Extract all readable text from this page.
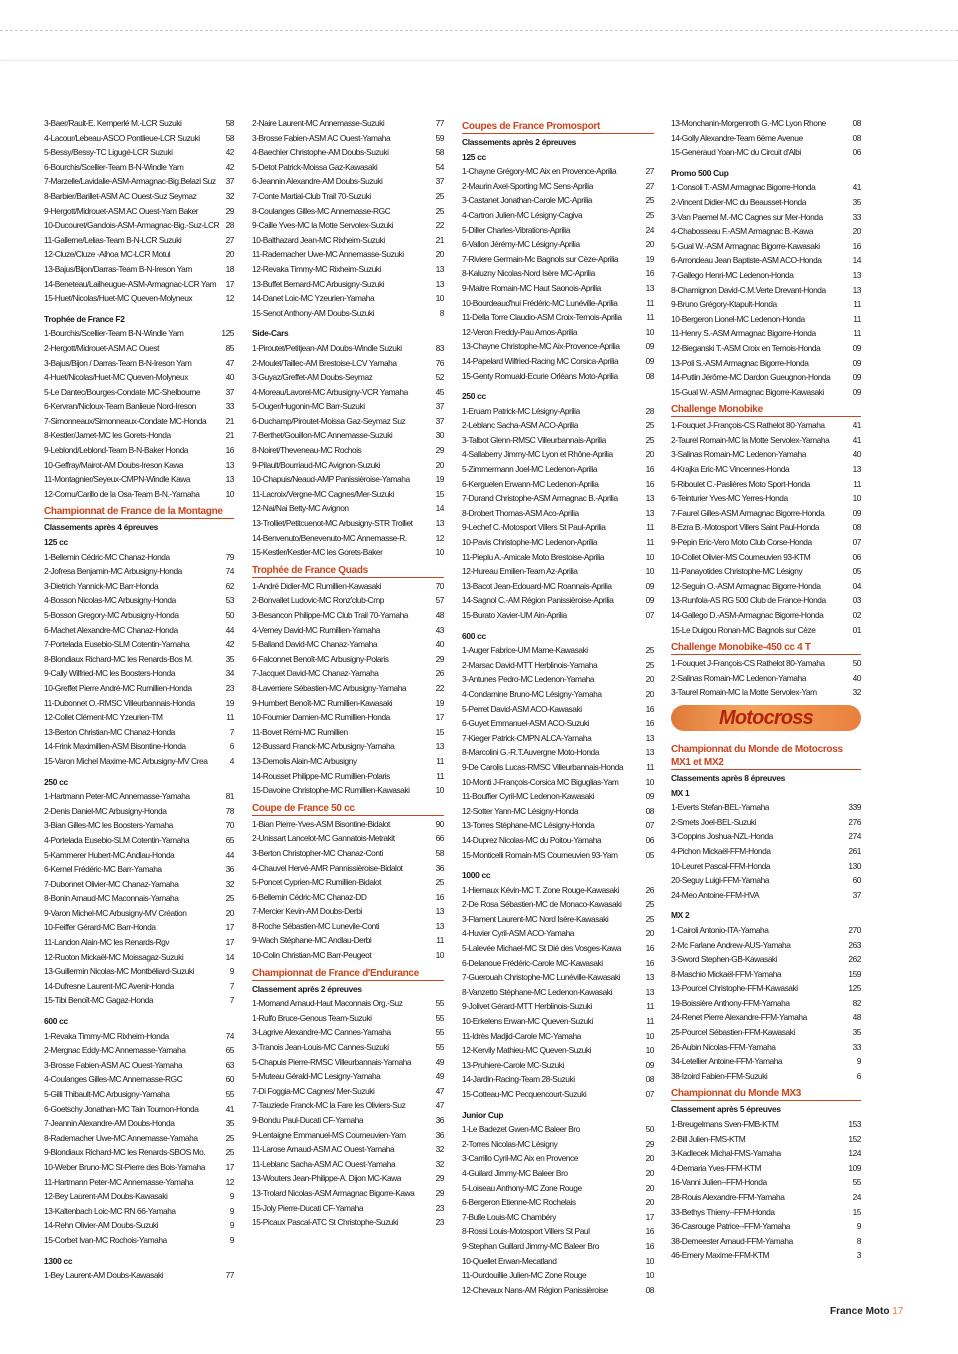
3-Baer/Rault-E. Kemperlé M.-LCR Suzuki	58
4-Lacour/Lebeau-ASCO Pontlieue-LCR Suzuki	58
5-Bessy/Bessy-TC Ligugé-LCR Suzuki	42
6-Bourchis/Scellier-Team B-N-Windle Yam	42
7-Marzelle/Lavidalie-ASM-Armagnac-Big.Belazi Suz	37
8-Barbier/Barillet-ASM AC Ouest-Suz Seymaz	32
9-Hergott/Midrouet-ASM AC Ouest-Yam Baker	29
10-Ducouret/Gandois-ASM-Armagnac-Big.-Suz-LCR 28
11-Gallerne/Lelias-Team B-N-LCR Suzuki	27
12-Cluze/Cluze -Alhoa MC-LCR Motul	20
13-Bajus/Bijon/Darras-Team B-N-Ireson Yam	18
14-Beneteau/Lailheugue-ASM-Armagnac-LCR Yam	17
15-Huet/Nicolas/Huet-MC Queven-Molyneux	12
Trophée de France F2
1-Bourchis/Scellier-Team B-N-Windle Yam	125
2-Hergott/Midrouet-ASM AC Ouest	85
3-Bajus/Bijon / Darras-Team B-N-Ireson Yam	47
4-Huet/Nicolas/Huet-MC Queven-Molyneux	40
5-Le Dantec/Bourges-Condate MC-Shelbourne	37
6-Kervran/Nicloux-Team Banlieue Nord-Ireson	33
7-Simonneaux/Simonneaux-Condate MC-Honda	21
8-Kestler/Jamet-MC les Gorets-Honda	21
9-Leblond/Leblond-Team B-N-Baker Honda	16
10-Geffray/Mairot-AM Doubs-Ireson Kawa	13
11-Montagnier/Seyeux-CMPN-Windle Kawa	13
12-Cornu/Carillo de la Osa-Team B-N.-Yamaha	10
Championnat de France de la Montagne
Classements après 4 épreuves
125 cc
1-Bellemin Cédric-MC Chanaz-Honda	79
2-Jofresa Benjamin-MC Arbusigny-Honda	74
3-Dietrich Yannick-MC Barr-Honda	62
4-Bosson Nicolas-MC Arbusigny-Honda	53
5-Bosson Gregory-MC Arbusigny-Honda	50
6-Machet Alexandre-MC Chanaz-Honda	44
7-Portelada Eusebio-SLM Cotentin-Yamaha	42
8-Blondiaux Richard-MC les Renards-Bos M.	35
9-Cally Wilfried-MC les Boosters-Honda	34
10-Greffet Pierre André-MC Rumillien-Honda	23
11-Dubonnet O.-RMSC Villeurbannais-Honda	19
12-Collet Clément-MC Yzeurien-TM	11
13-Berton Christian-MC Chanaz-Honda	7
14-Frink Maximillien-ASM Bisontine-Honda	6
15-Varon Michel Maxime-MC Arbusigny-MV Crea	4
250 cc
1-Hartmann Peter-MC Annemasse-Yamaha	81
2-Denis Daniel-MC Arbusigny-Honda	78
3-Bian Gilles-MC les Boosters-Yamaha	70
4-Portelada Eusebio-SLM Cotentin-Yamaha	65
5-Kammerer Hubert-MC Andlau-Honda	44
6-Kernel Frédéric-MC Barr-Yamaha	36
7-Dubonnet Olivier-MC Chanaz-Yamaha	32
8-Bonin Arnaud-MC Maconnais-Yamaha	25
9-Varon Michel-MC Arbusigny-MV Création	20
10-Feiffer Gérard-MC Barr-Honda	17
11-Landon Alain-MC les Renards-Rgv	17
12-Ruoton Mickaël-MC Moissagaz-Suzuki	14
13-Guillermin Nicolas-MC Montbéliard-Suzuki	9
14-Dufresne Laurent-MC Avenir-Honda	7
15-Tibi Benoît-MC Gagaz-Honda	7
600 cc
1-Revaka Timmy-MC Rixheim-Honda	74
2-Mergnac Eddy-MC Annemasse-Yamaha	65
3-Brosse Fabien-ASM AC Ouest-Yamaha	63
4-Coulanges Gilles-MC Annemasse-RGC	60
5-Gilli Thibault-MC Arbusigny-Yamaha	55
6-Goetschy Jonathan-MC Tain Tournon-Honda	41
7-Jeannin Alexandre-AM Doubs-Honda	35
8-Rademacher Uwe-MC Annemasse-Yamaha	25
9-Blondiaux Richard-MC les Renards-SBOS Mo.	25
10-Weber Bruno-MC St-Pierre des Bois-Yamaha	17
11-Hartmann Peter-MC Annemasse-Yamaha	12
12-Bey Laurent-AM Doubs-Kawasaki	9
13-Kaltenbach Loic-MC RN 66-Yamaha	9
14-Rehn Olivier-AM Doubs-Suzuki	9
15-Corbet Ivan-MC Rochois-Yamaha	9
1300 cc
1-Bey Laurent-AM Doubs-Kawasaki	77
2-Naire Laurent-MC Annemasse-Suzuki	77
3-Brosse Fabien-ASM AC Ouest-Yamaha	59
4-Baechler Christophe-AM Doubs-Suzuki	58
5-Detot Patrick-Moissa Gaz-Kawasaki	54
6-Jeannin Alexandre-AM Doubs-Suzuki	37
7-Conte Martial-Club Trail 70-Suzuki	25
8-Coulanges Gilles-MC Annemasse-RGC	25
9-Caille Yves-MC la Motte Servolex-Suzuki	22
10-Balthazard Jean-MC Rixheim-Suzuki	21
11-Rademacher Uwe-MC Annemasse-Suzuki	20
12-Revaka Timmy-MC Rixheim-Suzuki	13
13-Buffet Bernard-MC Arbusigny-Suzuki	13
14-Danet Loic-MC Yzeurien-Yamaha	10
15-Senot Anthony-AM Doubs-Suzuki	8
Side-Cars
1-Piroutet/Petitjean-AM Doubs-Windle Suzuki	83
2-Moulet/Taillec-AM Brestoise-LCV Yamaha	76
3-Guyaz/Greffet-AM Doubs-Seymaz	52
4-Moreau/Lavorel-MC Arbusigny-VCR Yamaha	45
5-Ouger/Hugonin-MC Barr-Suzuki	37
6-Duchamp/Piroutet-Moissa Gaz-Seymaz Suz	37
7-Berthet/Gouillon-MC Annemasse-Suzuki	30
8-Noiret/Theveneau-MC Rochois	29
9-Pilault/Bourriaud-MC Avignon-Suzuki	20
10-Chapuis/Neaud-AMP Panissièroise-Yamaha	19
11-Lacroix/Vergne-MC Cagnes/Mer-Suzuki	15
12-Nai/Nai Betty-MC Avignon	14
13-Trolliet/Petitcuenot-MC Arbusigny-STR Trolliet	13
14-Benvenuto/Benevenuto-MC Annemasse-R.	12
15-Kestler/Kestler-MC les Gorets-Baker	10
Trophée de France Quads
1-André Didier-MC Rumillien-Kawasaki	70
2-Bonvallet Ludovic-MC Ronz'club-Cmp	57
3-Besancon Philippe-MC Club Trail 70-Yamaha	48
4-Verney David-MC Rumillien-Yamaha	43
5-Balland David-MC Chanaz-Yamaha	40
6-Falconnet Benoît-MC Arbusigny-Polaris	29
7-Jacquet David-MC Chanaz-Yamaha	26
8-Laverriere Sébastien-MC Arbusigny-Yamaha	22
9-Humbert Benoît-MC Rumillien-Kawasaki	19
10-Fournier Damien-MC Rumillien-Honda	17
11-Bovet Rémi-MC Rumillien	15
12-Bussard Franck-MC Arbusigny-Yamaha	13
13-Demolis Alain-MC Arbusigny	11
14-Rousset Philippe-MC Rumillien-Polaris	11
15-Davoine Christophe-MC Rumillien-Kawasaki	10
Coupe de France 50 cc
1-Bian Pierre-Yves-ASM Bisontine-Bidalot	90
2-Unissart Lancelot-MC Gannatois-Metrakit	66
3-Berton Christopher-MC Chanaz-Conti	58
4-Chauvel Hervé-AMR Pannissièroise-Bidalot	36
5-Poncet Cyprien-MC Rumillien-Bidalot	25
6-Bellemin Cédric-MC Chanaz-DD	16
7-Mercier Kevin-AM Doubs-Derbi	13
8-Roche Sébastien-MC Lunevile-Conti	13
9-Wach Stéphane-MC Andlau-Derbi	11
10-Colin Christian-MC Barr-Peugeot	10
Championnat de France d'Endurance
Classement après 2 épreuves
1-Momand Arnaud-Haut Maconnais Org.-Suz	55
1-Rulfo Bruce-Genous Team-Suzuki	55
3-Lagrive Alexandre-MC Cannes-Yamaha	55
3-Tranois Jean-Louis-MC Cannes-Suzuki	55
5-Chapuis Pierre-RMSC Villeurbannais-Yamaha	49
5-Muteau Gérald-MC Lesigny-Yamaha	49
7-Di Foggia-MC Cagnes/ Mer-Suzuki	47
7-Tauziede Franck-MC la Fare les Oliviers-Suz	47
9-Bondu Paul-Ducati CF-Yamaha	36
9-Lentaigne Emmanuel-MS Courneuvien-Yam	36
11-Larose Arnaud-ASM AC Ouest-Yamaha	32
11-Leblanc Sacha-ASM AC Ouest-Yamaha	32
13-Wouters Jean-Philippe-A. Dijon MC-Kawa	29
13-Trolard Nicolas-ASM Armagnac Bigorre-Kawa	29
15-Joly Pierre-Ducati CF-Yamaha	23
15-Picaux Pascal-ATC St Christophe-Suzuki	23
Coupes de France Promosport
Classements après 2 épreuves
125 cc
1-Chayne Grégory-MC Aix en Provence-Aprilia	27
2-Maurin Axel-Sporting MC Sens-Aprilia	27
3-Castanet Jonathan-Carole MC-Aprilia	25
4-Cartron Julien-MC Lésigny-Cagiva	25
5-Diller Charles-Vibrations-Aprilia	24
6-Vallon Jérémy-MC Lésigny-Aprilia	20
7-Riviere Germain-Mc Bagnols sur Cèze-Aprilia	19
8-Kaluzny Nicolas-Nord Isère MC-Aprilia	16
9-Maitre Romain-MC Haut Saonois-Aprilia	13
10-Bourdeaud'hui Frédéric-MC Lunéville-Aprilia	11
11-Della Torre Claudio-ASM Croix-Ternois-Aprilia	11
12-Veron Freddy-Pau Arnos-Aprilia	10
13-Chayne Christophe-MC Aix-Provence-Aprilia	09
14-Papelard Wilfried-Racing MC Corsica-Aprilia	09
15-Genty Romuald-Ecurie Orléans Moto-Aprilia	08
250 cc
1-Eruam Patrick-MC Lésigny-Aprilia	28
2-Leblanc Sacha-ASM ACO-Aprilia	25
3-Talbot Glenn-RMSC Villeurbannais-Aprilia	25
4-Sallaberry Jimmy-MC Lyon et Rhône-Aprilia	20
5-Zimmermann Joel-MC Ledenon-Aprilia	16
6-Kerguelen Erwann-MC Ledenon-Aprilia	16
7-Durand Christophe-ASM Armagnac B.-Aprilia	13
8-Drobert Thomas-ASM Aco-Aprilia	13
9-Lechef C.-Motosport Villers St Paul-Aprilia	11
10-Pavis Christophe-MC Ledenon-Aprilia	11
11-Pieplu A.-Amicale Moto Brestoise-Aprilia	10
12-Hureau Emilien-Team Az-Aprilia	10
13-Bacot Jean-Edouard-MC Roannais-Aprilia	09
14-Sagnol C.-AM Région Panissièroise-Aprilia	09
15-Burato Xavier-UM Ain-Aprilia	07
600 cc
1-Auger Fabrice-UM Marne-Kawasaki	25
2-Marsac David-MTT Herblinois-Yamaha	25
3-Antunes Pedro-MC Ledenon-Yamaha	20
4-Condamine Bruno-MC Lésigny-Yamaha	20
5-Perret David-ASM ACO-Kawasaki	16
6-Guyet Emmanuel-ASM ACO-Suzuki	16
7-Kieger Patrick-CMPN ALCA-Yamaha	13
8-Marcolini G.-R.T.Auvergne Moto-Honda	13
9-De Carolis Lucas-RMSC Villeurbannais-Honda	11
10-Monti J-François-Corsica MC Biguglias-Yam	10
11-Bouffier Cyril-MC Ledenon-Kawasaki	09
12-Sotter Yann-MC Lésigny-Honda	08
13-Torres Stéphane-MC Lésigny-Honda	07
14-Duprez Nicolas-MC du Poitou-Yamaha	06
15-Monticelli Romain-MS Courneuvien 93-Yam	05
1000 cc
1-Hiernaux Kévin-MC T. Zone Rouge-Kawasaki	26
2-De Rosa Sébastien-MC de Monaco-Kawasaki	25
3-Flament Laurent-MC Nord Isère-Kawasaki	25
4-Huvier Cyril-ASM ACO-Yamaha	20
5-Lalevée Michael-MC St Dié des Vosges-Kawa	16
6-Delanoue Frédéric-Carole MC-Kawasaki	16
7-Guerouah Christophe-MC Lunéville-Kawasaki	13
8-Vanzetto Stéphane-MC Ledenon-Kawasaki	13
9-Jolivet Gérard-MTT Herblinois-Suzuki	11
10-Erkelens Erwan-MC Queven-Suzuki	11
11-Idrès Madjid-Carole MC-Yamaha	10
12-Kervily Mathieu-MC Queven-Suzuki	10
13-Pruhiere-Carole MC-Suzuki	09
14-Jardin-Racing-Team 28-Suzuki	08
15-Cotteau-MC Pecquencourt-Suzuki	07
Junior Cup
1-Le Badezet Gwen-MC Baleer Bro	50
2-Torres Nicolas-MC Lésigny	29
3-Carrillo Cyril-MC Aix en Provence	20
4-Guilard Jimmy-MC Baleer Bro	20
5-Loiseau Anthony-MC Zone Rouge	20
6-Bergeron Etienne-MC Rochelais	20
7-Bulle Louis-MC Chambéry	17
8-Rossi Louis-Motosport Villers St Paul	16
9-Stephan Guillard Jimmy-MC Baleer Bro	16
10-Quellet Erwan-Mecatland	10
11-Ourdouillie Julien-MC Zone Rouge	10
12-Chevaux Nans-AM Région Panissièroise	08
13-Monchanin-Morgenroth G.-MC Lyon Rhone	08
14-Golly Alexandre-Team 6ème Avenue	08
15-Generaud Yoan-MC du Circuit d'Albi	06
Promo 500 Cup
1-Consoli T.-ASM Armagnac Bigorre-Honda	41
2-Vincent Didier-MC du Beausset-Honda	35
3-Van Paemel M.-MC Cagnes sur Mer-Honda	33
4-Chabosseau F.-ASM Armagnac B.-Kawa	20
5-Gual W.-ASM Armagnac Bigorre-Kawasaki	16
6-Arrondeau Jean Baptiste-ASM ACO-Honda	14
7-Gallego Henri-MC Ledenon-Honda	13
8-Chamignon David-C.M.Verte Drevant-Honda	13
9-Bruno Grégory-Ktapult-Honda	11
10-Bergeron Lionel-MC Ledenon-Honda	11
11-Henry S.-ASM Armagnac Bigorre-Honda	11
12-Bieganski T.-ASM Croix en Ternois-Honda	09
13-Poli S.-ASM Armagnac Bigorre-Honda	09
14-Putlin Jérôme-MC Dardon Gueugnon-Honda	09
15-Gual W.-ASM Armagnac Bigorre-Kawasaki	09
Challenge Monobike
1-Fouquet J-François-CS Rathelot 80-Yamaha	41
2-Taurel Romain-MC la Motte Servolex-Yamaha	41
3-Salinas Romain-MC Ledenon-Yamaha	40
4-Krajka Eric-MC Vincennes-Honda	13
5-Riboulet C.-Paslières Moto Sport-Honda	11
6-Teinturier Yves-MC Yerres-Honda	10
7-Faurel Gilles-ASM Armagnac Bigorre-Honda	09
8-Ezra B.-Motosport Villers Saint Paul-Honda	08
9-Pepin Eric-Vero Moto Club Corse-Honda	07
10-Collet Olivier-MS Courneuvien 93-KTM	06
11-Panayotides Christophe-MC Lésigny	05
12-Seguin O.-ASM Armagnac Bigorre-Honda	04
13-Runfola-AS RG 500 Club de France-Honda	03
14-Gallego D.-ASM-Armagnac Bigorre-Honda	02
15-Le Duigou Ronan-MC Bagnols sur Cèze	01
Challenge Monobike-450 cc 4 T
1-Fouquet J-François-CS Rathelot 80-Yamaha	50
2-Salinas Romain-MC Ledenon-Yamaha	40
3-Taurel Romain-MC la Motte Servolex-Yam	32
Motocross
Championnat du Monde de Motocross MX1 et MX2
Classements après 8 épreuves
MX 1
1-Everts Stefan-BEL-Yamaha	339
2-Smets Joel-BEL-Suzuki	276
3-Coppins Joshua-NZL-Honda	274
4-Pichon Mickaël-FFM-Honda	261
10-Leuret Pascal-FFM-Honda	130
20-Seguy Luigi-FFM-Yamaha	60
24-Meo Antoine-FFM-HVA	37
MX 2
1-Cairoli Antonio-ITA-Yamaha	270
2-Mc Farlane Andrew-AUS-Yamaha	263
3-Sword Stephen-GB-Kawasaki	262
8-Maschio Mickaël-FFM-Yamaha	159
13-Pourcel Christophe-FFM-Kawasaki	125
19-Boissière Anthony-FFM-Yamaha	82
24-Renet Pierre Alexandre-FFM-Yamaha	48
25-Pourcel Sébastien-FFM-Kawasaki	35
26-Aubin Nicolas-FFM-Yamaha	33
34-Letellier Antoine-FFM-Yamaha	9
38-Izoird Fabien-FFM-Suzuki	6
Championnat du Monde MX3
Classement après 5 épreuves
1-Breugelmans Sven-FMB-KTM	153
2-Bill Julien-FMS-KTM	152
3-Kadlecek Michal-FMS-Yamaha	124
4-Demaria Yves-FFM-KTM	109
16-Vanni Julien--FFM-Honda	55
28-Rouis Alexandre-FFM-Yamaha	24
33-Bethys Thierry--FFM-Honda	15
36-Casrouge Patrice--FFM-Yamaha	9
38-Demeester Arnaud-FFM-Yamaha	8
46-Emery Maxime-FFM-KTM	3
France Moto 17
